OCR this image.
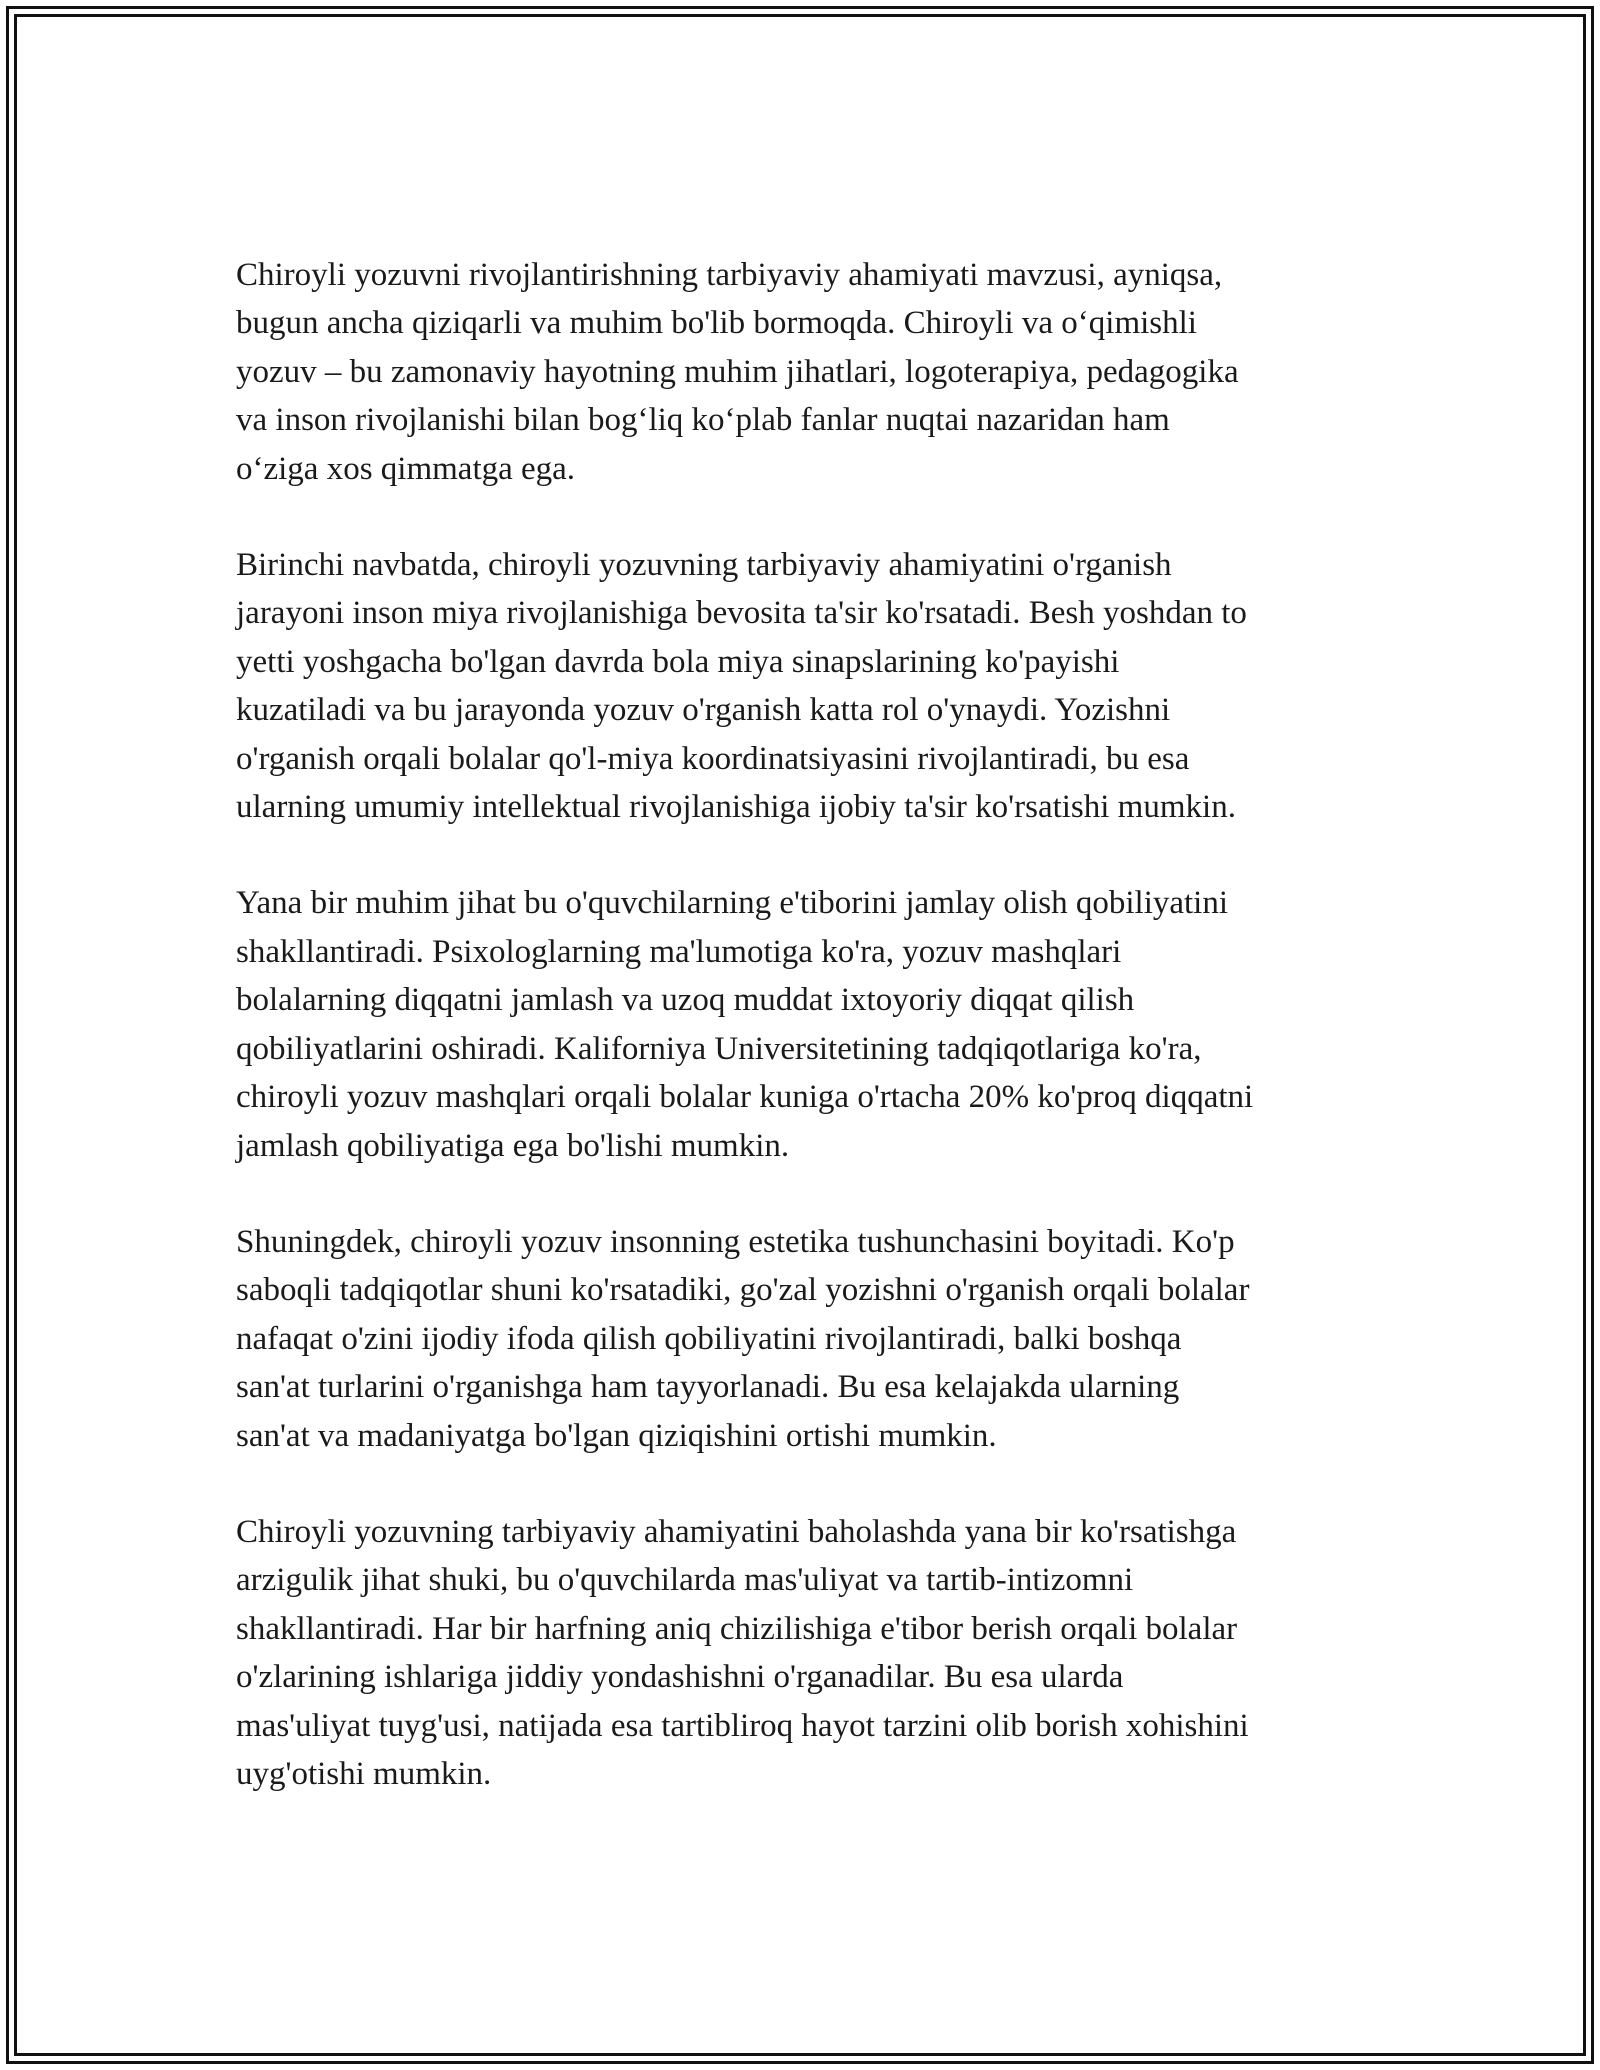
Chiroyli yozuvni rivojlantirishning tarbiyaviy ahamiyati mavzusi, ayniqsa,
bugun ancha qiziqarli va muhim bo'lib bormoqda. Chiroyli va oʻqimishli
yozuv – bu zamonaviy hayotning muhim jihatlari, logoterapiya, pedagogika
va inson rivojlanishi bilan bogʻliq koʻplab fanlar nuqtai nazaridan ham
oʻziga xos qimmatga ega.

Birinchi navbatda, chiroyli yozuvning tarbiyaviy ahamiyatini o'rganish
jarayoni inson miya rivojlanishiga bevosita ta'sir ko'rsatadi. Besh yoshdan to
yetti yoshgacha bo'lgan davrda bola miya sinapslarining ko'payishi
kuzatiladi va bu jarayonda yozuv o'rganish katta rol o'ynaydi. Yozishni
o'rganish orqali bolalar qo'l-miya koordinatsiyasini rivojlantiradi, bu esa
ularning umumiy intellektual rivojlanishiga ijobiy ta'sir ko'rsatishi mumkin.

Yana bir muhim jihat bu o'quvchilarning e'tiborini jamlay olish qobiliyatini
shakllantiradi. Psixologlarning ma'lumotiga ko'ra, yozuv mashqlari
bolalarning diqqatni jamlash va uzoq muddat ixtoyoriy diqqat qilish
qobiliyatlarini oshiradi. Kaliforniya Universitetining tadqiqotlariga ko'ra,
chiroyli yozuv mashqlari orqali bolalar kuniga o'rtacha 20% ko'proq diqqatni
jamlash qobiliyatiga ega bo'lishi mumkin.

Shuningdek, chiroyli yozuv insonning estetika tushunchasini boyitadi. Ko'p
saboqli tadqiqotlar shuni ko'rsatadiki, go'zal yozishni o'rganish orqali bolalar
nafaqat o'zini ijodiy ifoda qilish qobiliyatini rivojlantiradi, balki boshqa
san'at turlarini o'rganishga ham tayyorlanadi. Bu esa kelajakda ularning
san'at va madaniyatga bo'lgan qiziqishini ortishi mumkin.

Chiroyli yozuvning tarbiyaviy ahamiyatini baholashda yana bir ko'rsatishga
arzigulik jihat shuki, bu o'quvchilarda mas'uliyat va tartib-intizomni
shakllantiradi. Har bir harfning aniq chizilishiga e'tibor berish orqali bolalar
o'zlarining ishlariga jiddiy yondashishni o'rganadilar. Bu esa ularda
mas'uliyat tuyg'usi, natijada esa tartibliroq hayot tarzini olib borish xohishini
uyg'otishi mumkin.
